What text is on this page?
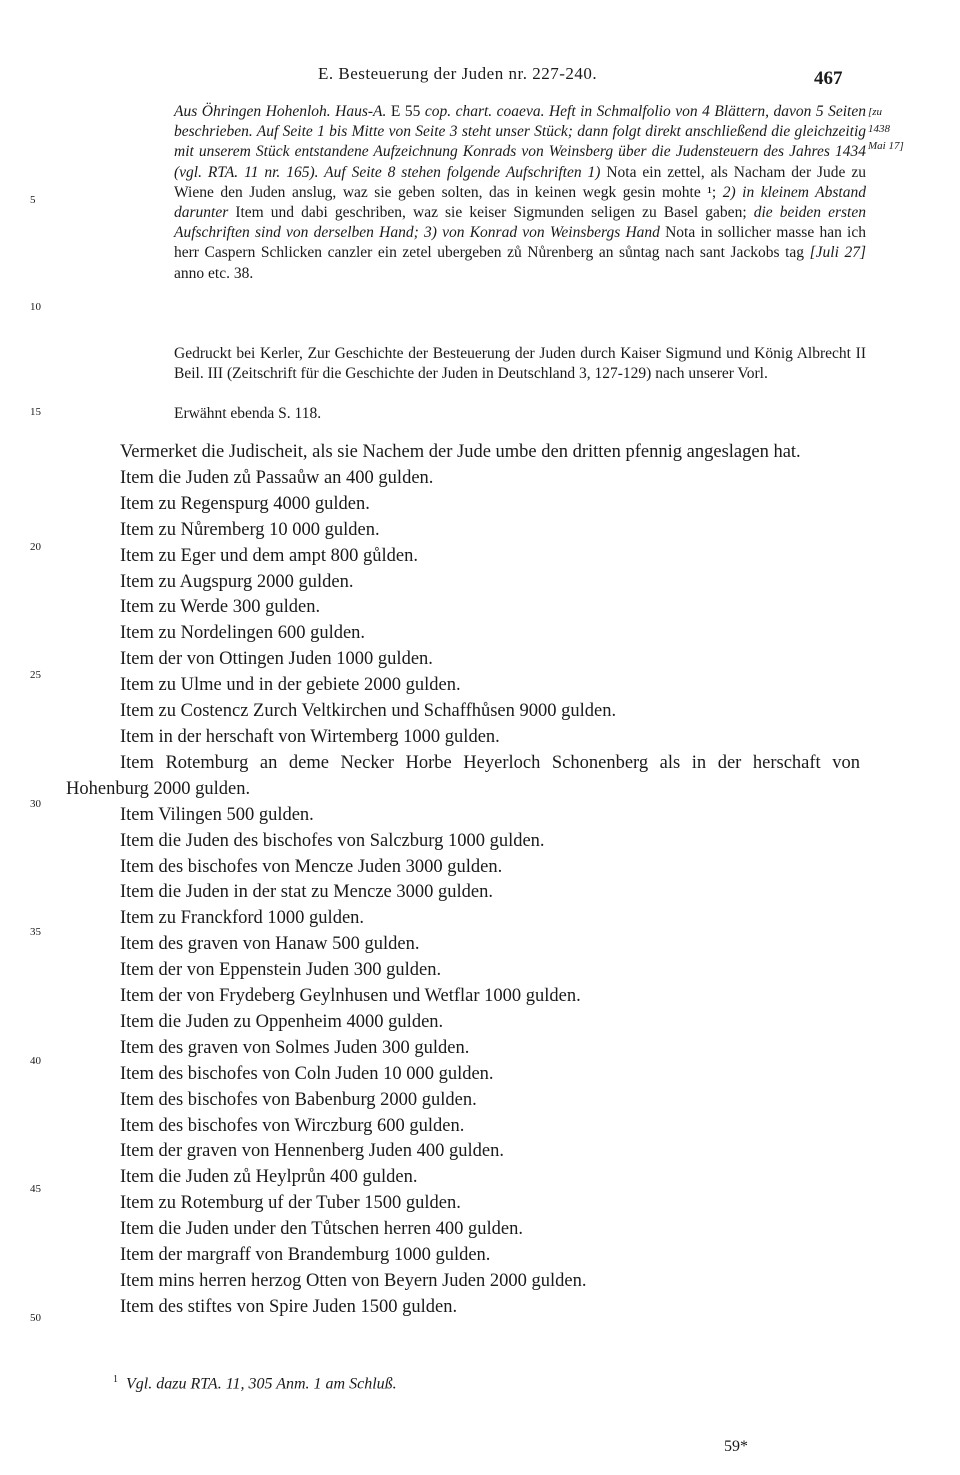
E. Besteuerung der Juden nr. 227-240.	467
[zu
1438
Mai 17]
Aus Öhringen Hohenloh. Haus-A. E 55 cop. chart. coaeva. Heft in Schmalfolio von 4 Blättern, davon 5 Seiten beschrieben. Auf Seite 1 bis Mitte von Seite 3 steht unser Stück; dann folgt direkt anschließend die gleichzeitig mit unserem Stück entstandene Aufzeichnung Konrads von Weinsberg über die Judensteuern des Jahres 1434 (vgl. RTA. 11 nr. 165). Auf Seite 8 stehen folgende Aufschriften 1) Nota ein zettel, als Nacham der Jude zu Wiene den Juden anslug, waz sie geben solten, das in keinen wegk gesin mohte ¹; 2) in kleinem Abstand darunter Item und dabi geschriben, waz sie keiser Sigmunden seligen zu Basel gaben; die beiden ersten Aufschriften sind von derselben Hand; 3) von Konrad von Weinsbergs Hand Nota in sollicher masse han ich herr Caspern Schlicken canzler ein zetel ubergeben zů Nůrenberg an sůntag nach sant Jackobs tag [Juli 27] anno etc. 38.
Gedruckt bei Kerler, Zur Geschichte der Besteuerung der Juden durch Kaiser Sigmund und König Albrecht II Beil. III (Zeitschrift für die Geschichte der Juden in Deutschland 3, 127-129) nach unserer Vorl.
Erwähnt ebenda S. 118.
5
10
15
20
25
30
35
40
45
50

Vermerket die Judischeit, als sie Nachem der Jude umbe den dritten pfennig angeslagen hat.

Item die Juden zů Passaůw an 400 gulden.

Item zu Regenspurg 4000 gulden.

Item zu Nůremberg 10 000 gulden.

Item zu Eger und dem ampt 800 gůlden.

Item zu Augspurg 2000 gulden.

Item zu Werde 300 gulden.

Item zu Nordelingen 600 gulden.

Item der von Ottingen Juden 1000 gulden.

Item zu Ulme und in der gebiete 2000 gulden.

Item zu Costencz Zurch Veltkirchen und Schaffhůsen 9000 gulden.

Item in der herschaft von Wirtemberg 1000 gulden.

Item Rotemburg an deme Necker Horbe Heyerloch Schonenberg als in der herschaft von Hohenburg 2000 gulden.

Item Vilingen 500 gulden.

Item die Juden des bischofes von Salczburg 1000 gulden.

Item des bischofes von Mencze Juden 3000 gulden.

Item die Juden in der stat zu Mencze 3000 gulden.

Item zu Franckford 1000 gulden.

Item des graven von Hanaw 500 gulden.

Item der von Eppenstein Juden 300 gulden.

Item der von Frydeberg Geylnhusen und Wetflar 1000 gulden.

Item die Juden zu Oppenheim 4000 gulden.

Item des graven von Solmes Juden 300 gulden.

Item des bischofes von Coln Juden 10 000 gulden.

Item des bischofes von Babenburg 2000 gulden.

Item des bischofes von Wirczburg 600 gulden.

Item der graven von Hennenberg Juden 400 gulden.

Item die Juden zů Heylprůn 400 gulden.

Item zu Rotemburg uf der Tuber 1500 gulden.

Item die Juden under den Tůtschen herren 400 gulden.

Item der margraff von Brandemburg 1000 gulden.

Item mins herren herzog Otten von Beyern Juden 2000 gulden.

Item des stiftes von Spire Juden 1500 gulden.

$^1$ Vgl. dazu RTA. 11, 305 Anm. 1 am Schluß.
59*
